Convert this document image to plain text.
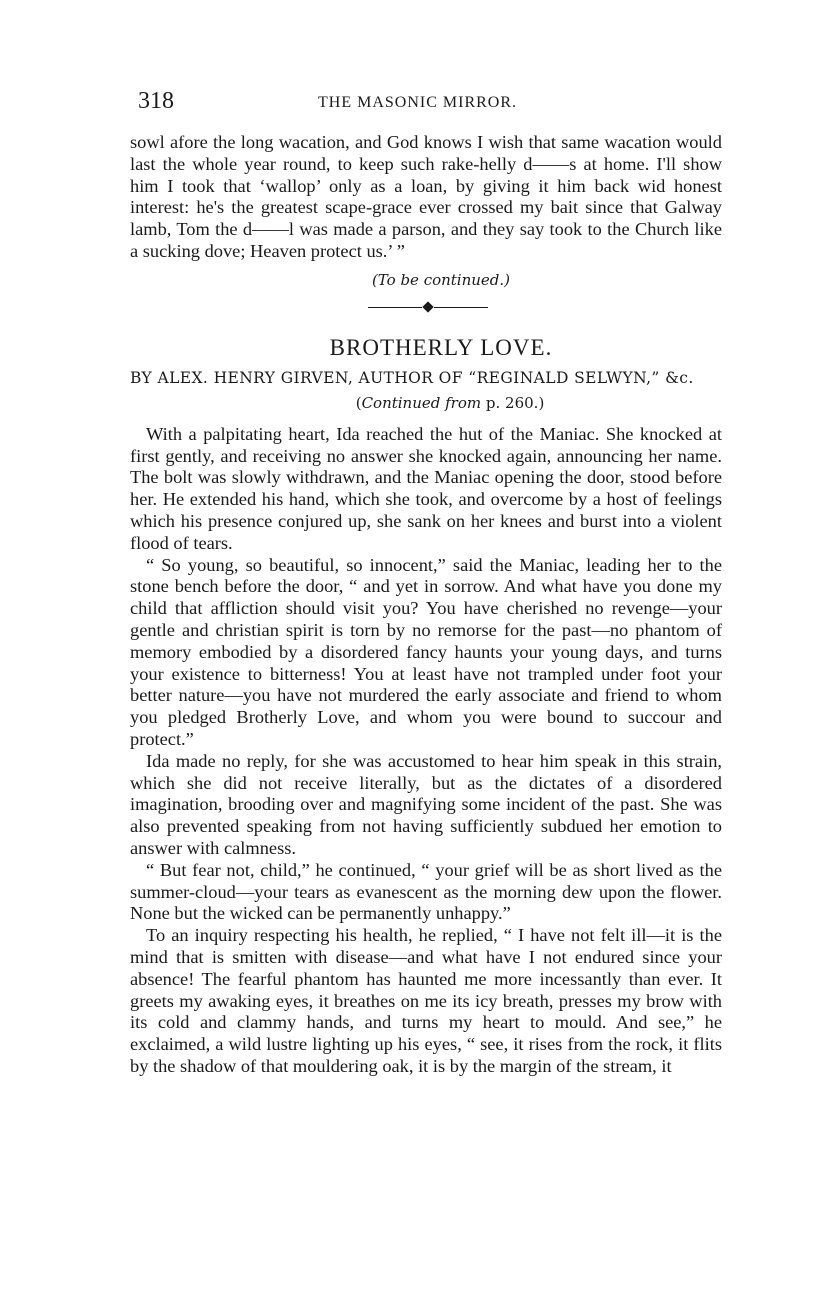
318	THE MASONIC MIRROR.

sowl afore the long wacation, and God knows I wish that same wacation would last the whole year round, to keep such rake-helly d——s at home. I'll show him I took that ‘wallop’ only as a loan, by giving it him back wid honest interest: he's the greatest scape-grace ever crossed my bait since that Galway lamb, Tom the d——l was made a parson, and they say took to the Church like a sucking dove; Heaven protect us.’ ”

(To be continued.)
BROTHERLY LOVE.
BY ALEX. HENRY GIRVEN, AUTHOR OF “REGINALD SELWYN,” &c.
(Continued from p. 260.)

With a palpitating heart, Ida reached the hut of the Maniac. She knocked at first gently, and receiving no answer she knocked again, announcing her name. The bolt was slowly withdrawn, and the Maniac opening the door, stood before her. He extended his hand, which she took, and overcome by a host of feelings which his presence conjured up, she sank on her knees and burst into a violent flood of tears.

“ So young, so beautiful, so innocent,” said the Maniac, leading her to the stone bench before the door, “ and yet in sorrow. And what have you done my child that affliction should visit you? You have cherished no revenge—your gentle and christian spirit is torn by no remorse for the past—no phantom of memory embodied by a disordered fancy haunts your young days, and turns your existence to bitterness! You at least have not trampled under foot your better nature—you have not murdered the early associate and friend to whom you pledged Brotherly Love, and whom you were bound to succour and protect.”

Ida made no reply, for she was accustomed to hear him speak in this strain, which she did not receive literally, but as the dictates of a disordered imagination, brooding over and magnifying some incident of the past. She was also prevented speaking from not having sufficiently subdued her emotion to answer with calmness.

“ But fear not, child,” he continued, “ your grief will be as short lived as the summer-cloud—your tears as evanescent as the morning dew upon the flower. None but the wicked can be permanently unhappy.”

To an inquiry respecting his health, he replied, “ I have not felt ill—it is the mind that is smitten with disease—and what have I not endured since your absence! The fearful phantom has haunted me more incessantly than ever. It greets my awaking eyes, it breathes on me its icy breath, presses my brow with its cold and clammy hands, and turns my heart to mould. And see,” he exclaimed, a wild lustre lighting up his eyes, “ see, it rises from the rock, it flits by the shadow of that mouldering oak, it is by the margin of the stream, it
